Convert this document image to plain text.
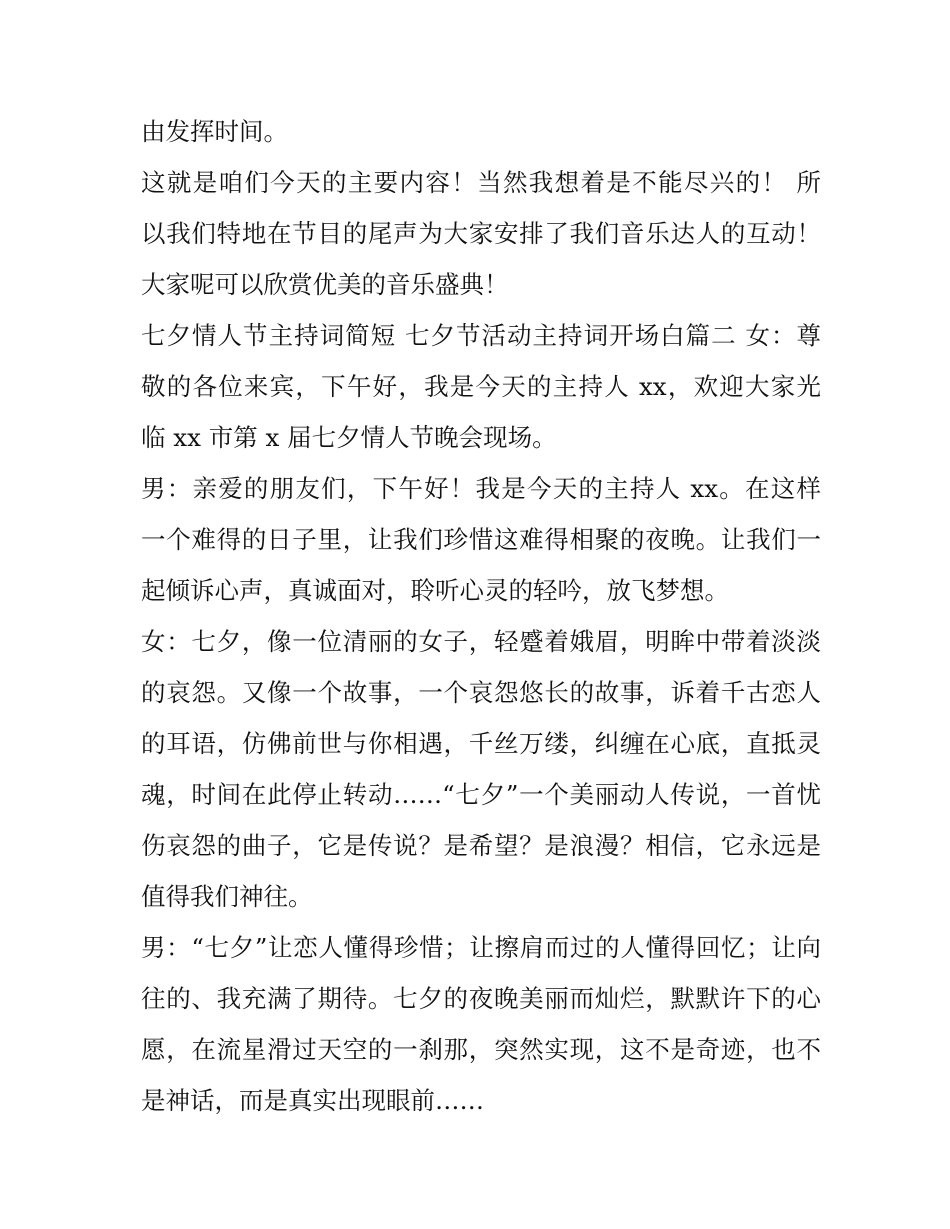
由发挥时间。
这就是咱们今天的主要内容！当然我想着是不能尽兴的！ 所
以我们特地在节目的尾声为大家安排了我们音乐达人的互动！
大家呢可以欣赏优美的音乐盛典！
七夕情人节主持词简短 七夕节活动主持词开场白篇二 女：尊
敬的各位来宾，下午好，我是今天的主持人 xx，欢迎大家光
临 xx 市第 x 届七夕情人节晚会现场。
男：亲爱的朋友们，下午好！我是今天的主持人 xx。在这样
一个难得的日子里，让我们珍惜这难得相聚的夜晚。让我们一
起倾诉心声，真诚面对，聆听心灵的轻吟，放飞梦想。
女：七夕，像一位清丽的女子，轻蹙着娥眉，明眸中带着淡淡
的哀怨。又像一个故事，一个哀怨悠长的故事，诉着千古恋人
的耳语，仿佛前世与你相遇，千丝万缕，纠缠在心底，直抵灵
魂，时间在此停止转动……“七夕”一个美丽动人传说，一首忧
伤哀怨的曲子，它是传说？是希望？是浪漫？相信，它永远是
值得我们神往。
男：“七夕”让恋人懂得珍惜；让擦肩而过的人懂得回忆；让向
往的、我充满了期待。七夕的夜晚美丽而灿烂，默默许下的心
愿，在流星滑过天空的一刹那，突然实现，这不是奇迹，也不
是神话，而是真实出现眼前……
